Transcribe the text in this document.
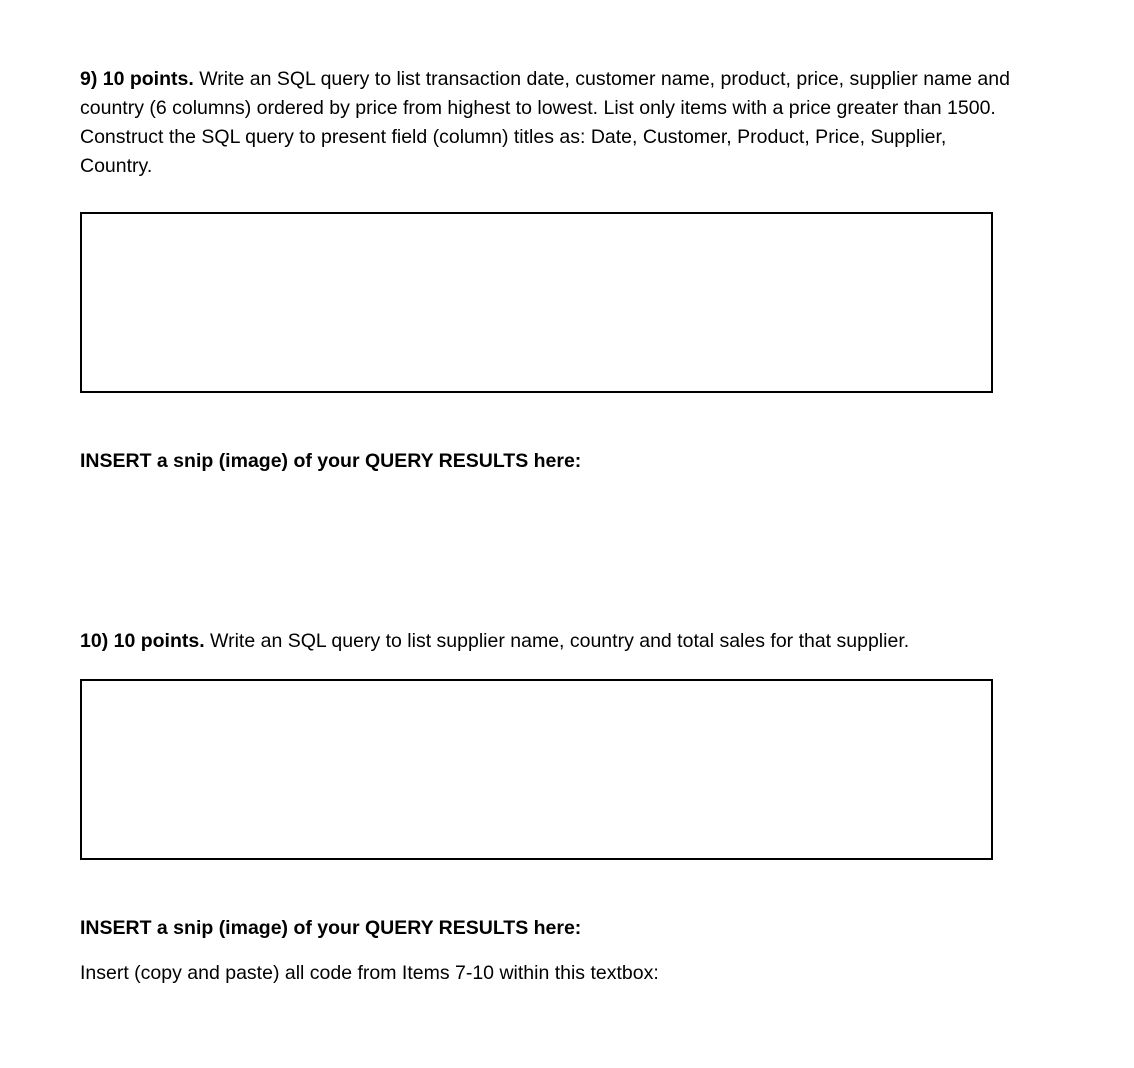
9) 10 points. Write an SQL query to list transaction date, customer name, product, price, supplier name and country (6 columns) ordered by price from highest to lowest. List only items with a price greater than 1500. Construct the SQL query to present field (column) titles as: Date, Customer, Product, Price, Supplier, Country.
INSERT a snip (image) of your QUERY RESULTS here:
10) 10 points. Write an SQL query to list supplier name, country and total sales for that supplier.
INSERT a snip (image) of your QUERY RESULTS here:
Insert (copy and paste) all code from Items 7-10 within this textbox:
